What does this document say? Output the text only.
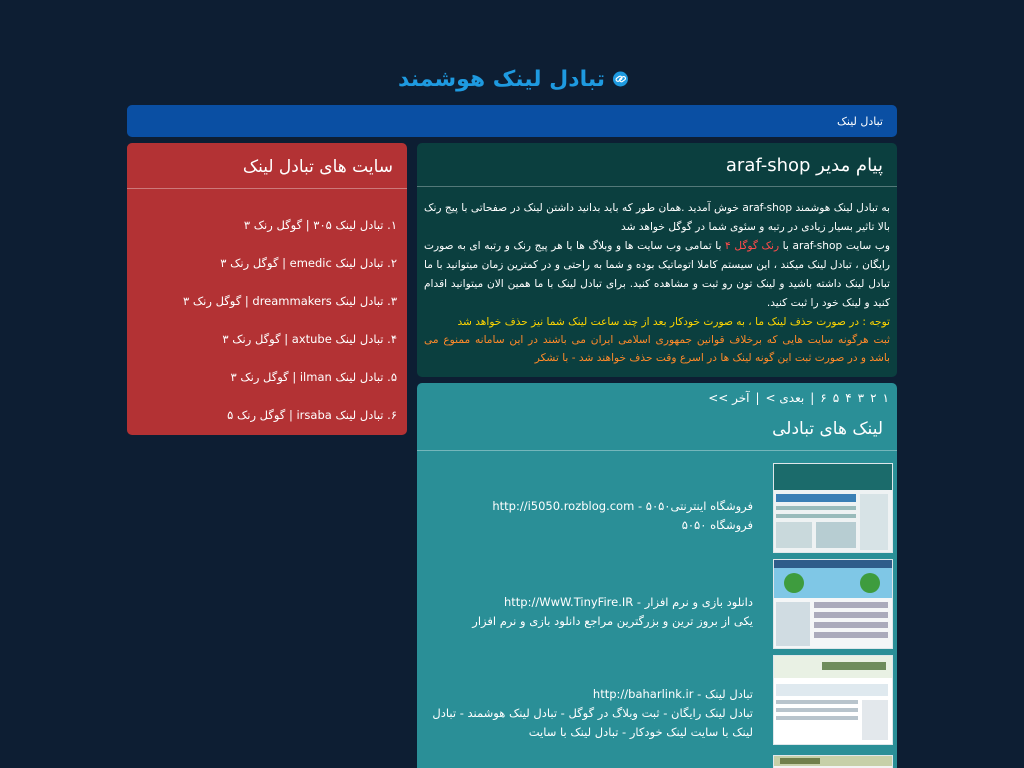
تبادل لینک هوشمند
تبادل لینک
سایت های تبادل لینک
۱. تبادل لینک ۳۰۵ | گوگل رنک ۳
۲. تبادل لینک emedic | گوگل رنک ۳
۳. تبادل لینک dreammakers | گوگل رنک ۳
۴. تبادل لینک axtube | گوگل رنک ۳
۵. تبادل لینک ilman | گوگل رنک ۳
۶. تبادل لینک irsaba | گوگل رنک ۵
پیام مدیر araf-shop
به تبادل لینک هوشمند araf-shop خوش آمدید .همان طور که باید بدانید داشتن لینک در صفحاتی با پیج رنک بالا تاثیر بسیار زیادی در رتبه و سئوی شما در گوگل خواهد شد
وب سایت araf-shop با رنک گوگل ۴ با تمامی وب سایت ها و وبلاگ ها با هر پیج رنک و رتبه ای به صورت رایگان ، تبادل لینک میکند ، این سیستم کاملا اتوماتیک بوده و شما به راحتی و در کمترین زمان میتوانید با ما تبادل لینک داشته باشید و لینک تون رو ثبت و مشاهده کنید. برای تبادل لینک با ما همین الان میتوانید اقدام کنید و لینک خود را ثبت کنید.
توجه : در صورت حذف لینک ما ، به صورت خودکار بعد از چند ساعت لینک شما نیز حذف خواهد شد
ثبت هرگونه سایت هایی که برخلاف قوانین جمهوری اسلامی ایران می باشند در این سامانه ممنوع می باشد و در صورت ثبت این گونه لینک ها در اسرع وقت حذف خواهند شد - با تشکر
۱
۲
۳
۴
۵
۶
|
بعدی >
|
آخر >>
لینک های تبادلی
فروشگاه اینترنتی۵۰۵۰ - http://i5050.rozblog.com
فروشگاه ۵۰۵۰
دانلود بازی و نرم افزار - http://WwW.TinyFire.IR
یکی از بروز ترین و بزرگترین مراجع دانلود بازی و نرم افزار
تبادل لینک - http://baharlink.ir
تبادل لینک رایگان - ثبت وبلاگ در گوگل - تبادل لینک هوشمند - تبادل لینک با سایت لینک خودکار - تبادل لینک با سایت
